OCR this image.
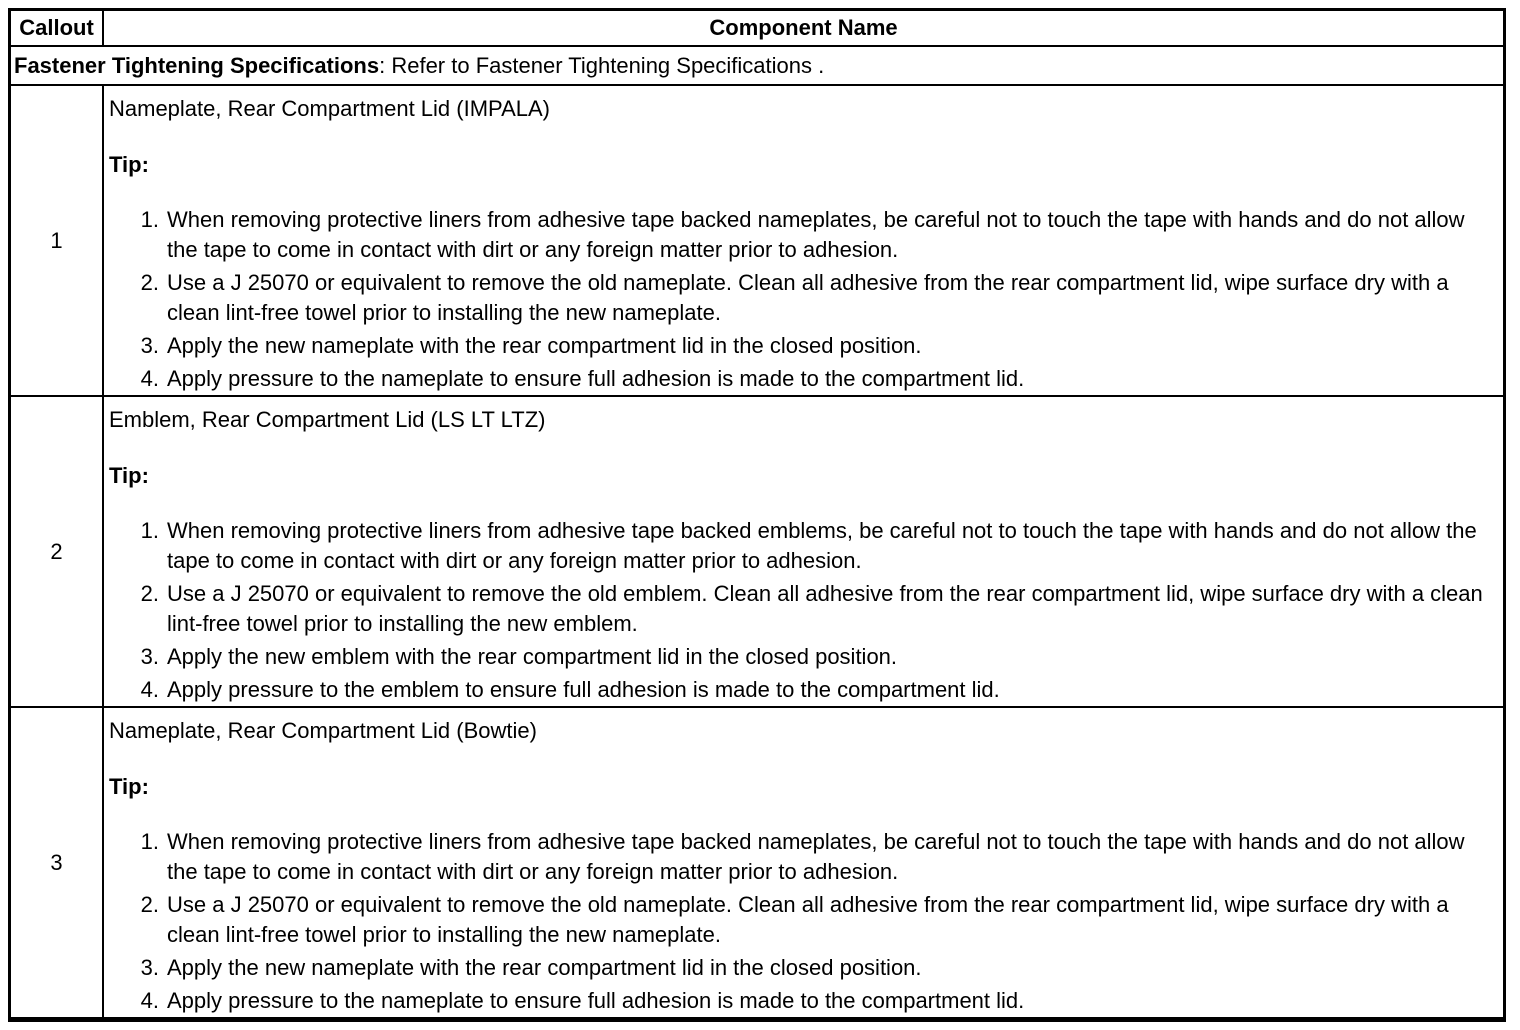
Callout	Component Name
Fastener Tightening Specifications : Refer to Fastener Tightening Specifications .
1
Nameplate, Rear Compartment Lid (IMPALA)
Tip:
1. When removing protective liners from adhesive tape backed nameplates, be careful not to touch the tape with hands and do not allow the tape to come in contact with dirt or any foreign matter prior to adhesion.
2. Use a J 25070 or equivalent to remove the old nameplate. Clean all adhesive from the rear compartment lid, wipe surface dry with a clean lint-free towel prior to installing the new nameplate.
3. Apply the new nameplate with the rear compartment lid in the closed position.
4. Apply pressure to the nameplate to ensure full adhesion is made to the compartment lid.
2
Emblem, Rear Compartment Lid (LS LT LTZ)
Tip:
1. When removing protective liners from adhesive tape backed emblems, be careful not to touch the tape with hands and do not allow the tape to come in contact with dirt or any foreign matter prior to adhesion.
2. Use a J 25070 or equivalent to remove the old emblem. Clean all adhesive from the rear compartment lid, wipe surface dry with a clean lint-free towel prior to installing the new emblem.
3. Apply the new emblem with the rear compartment lid in the closed position.
4. Apply pressure to the emblem to ensure full adhesion is made to the compartment lid.
3
Nameplate, Rear Compartment Lid (Bowtie)
Tip:
1. When removing protective liners from adhesive tape backed nameplates, be careful not to touch the tape with hands and do not allow the tape to come in contact with dirt or any foreign matter prior to adhesion.
2. Use a J 25070 or equivalent to remove the old nameplate. Clean all adhesive from the rear compartment lid, wipe surface dry with a clean lint-free towel prior to installing the new nameplate.
3. Apply the new nameplate with the rear compartment lid in the closed position.
4. Apply pressure to the nameplate to ensure full adhesion is made to the compartment lid.
